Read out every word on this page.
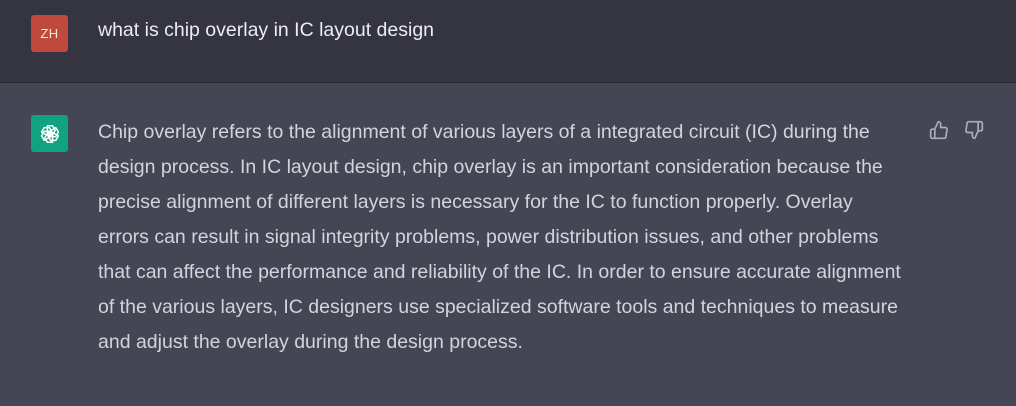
ZH	what is chip overlay in IC layout design

Chip overlay refers to the alignment of various layers of a integrated circuit (IC) during the design process. In IC layout design, chip overlay is an important consideration because the precise alignment of different layers is necessary for the IC to function properly. Overlay errors can result in signal integrity problems, power distribution issues, and other problems that can affect the performance and reliability of the IC. In order to ensure accurate alignment of the various layers, IC designers use specialized software tools and techniques to measure and adjust the overlay during the design process.
